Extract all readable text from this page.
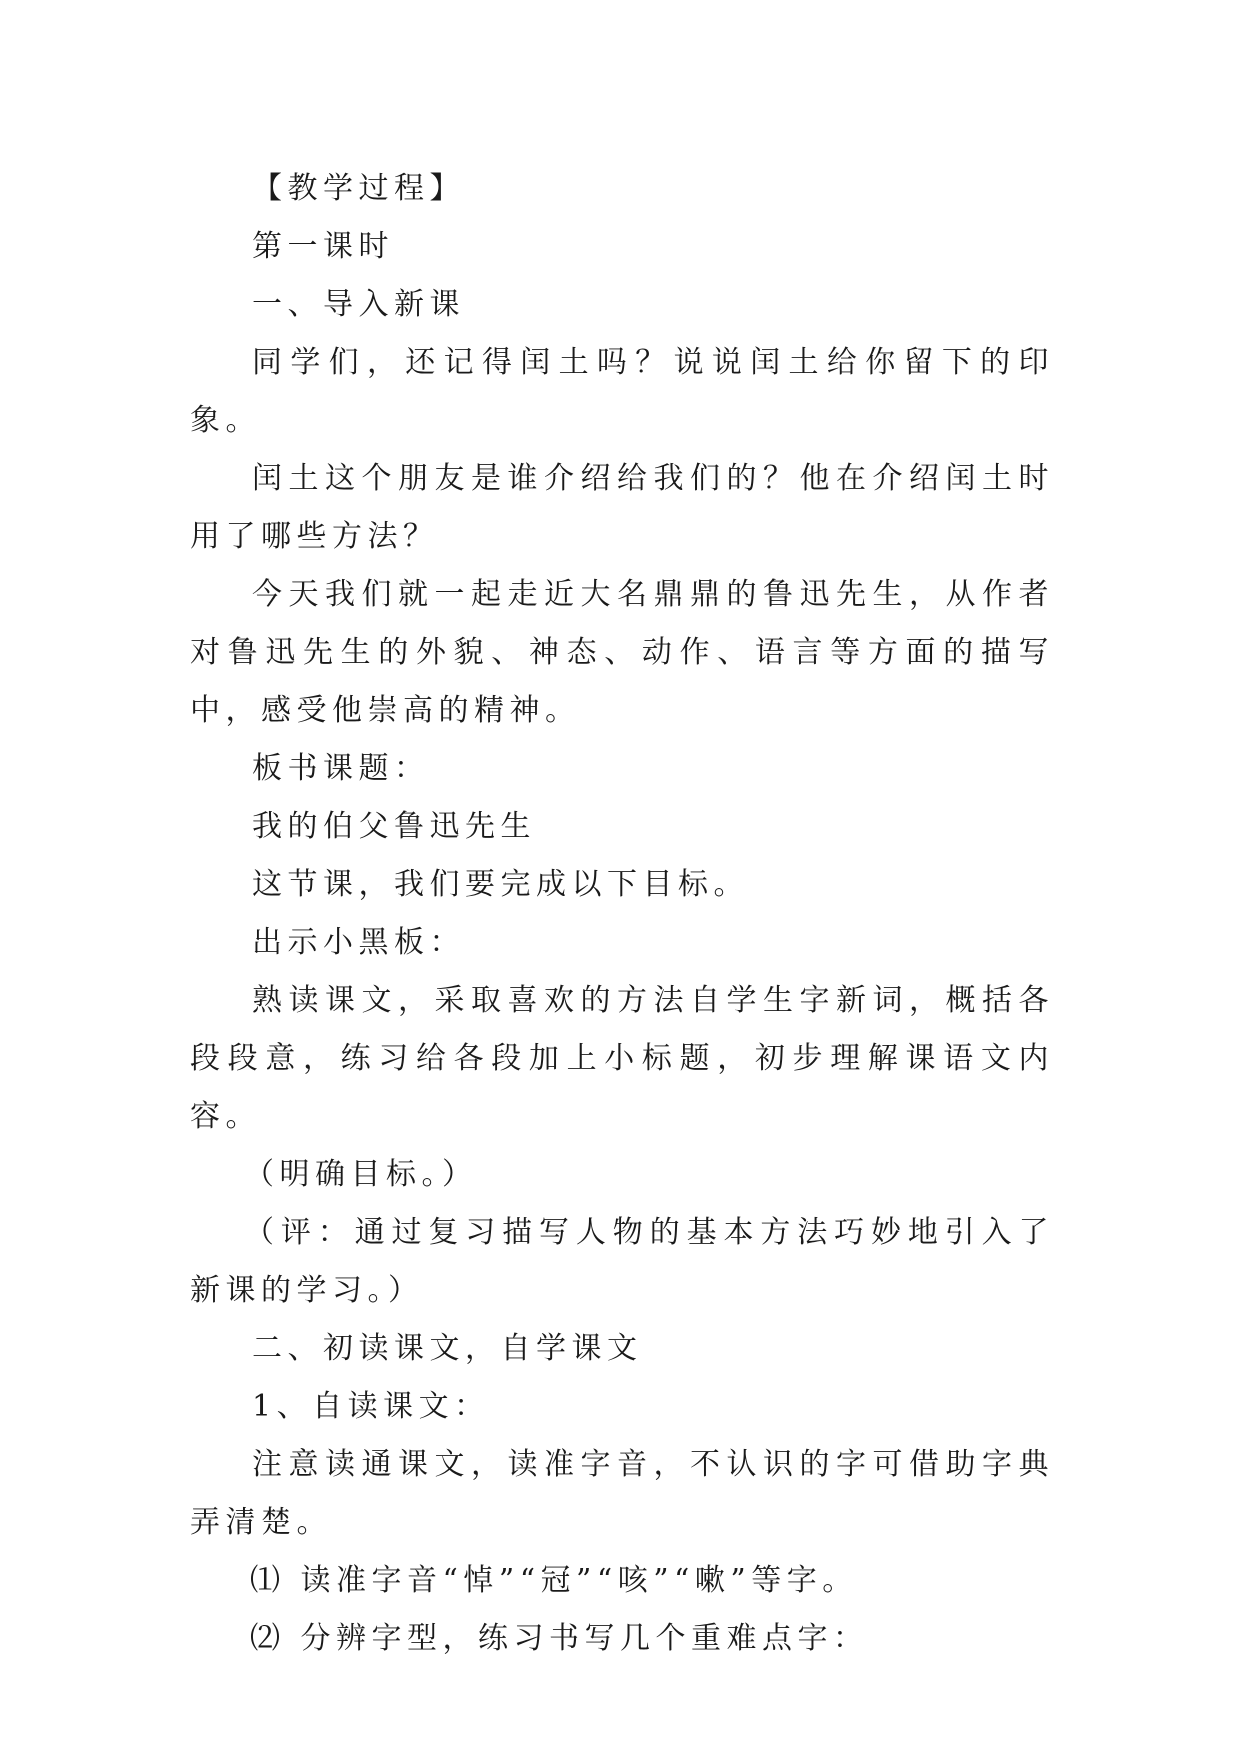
【教学过程】

第一课时

一、导入新课

同学们，还记得闰土吗？说说闰土给你留下的印象。

闰土这个朋友是谁介绍给我们的？他在介绍闰土时用了哪些方法？

今天我们就一起走近大名鼎鼎的鲁迅先生，从作者对鲁迅先生的外貌、神态、动作、语言等方面的描写中，感受他崇高的精神。

板书课题：

我的伯父鲁迅先生

这节课，我们要完成以下目标。

出示小黑板：

熟读课文，采取喜欢的方法自学生字新词，概括各段段意，练习给各段加上小标题，初步理解课语文内容。

（明确目标。）

（评：通过复习描写人物的基本方法巧妙地引入了新课的学习。）

二、初读课文，自学课文

1、自读课文：

注意读通课文，读准字音，不认识的字可借助字典弄清楚。

⑴ 读准字音“悼”“冠”“咳”“嗽”等字。

⑵ 分辨字型，练习书写几个重难点字：
